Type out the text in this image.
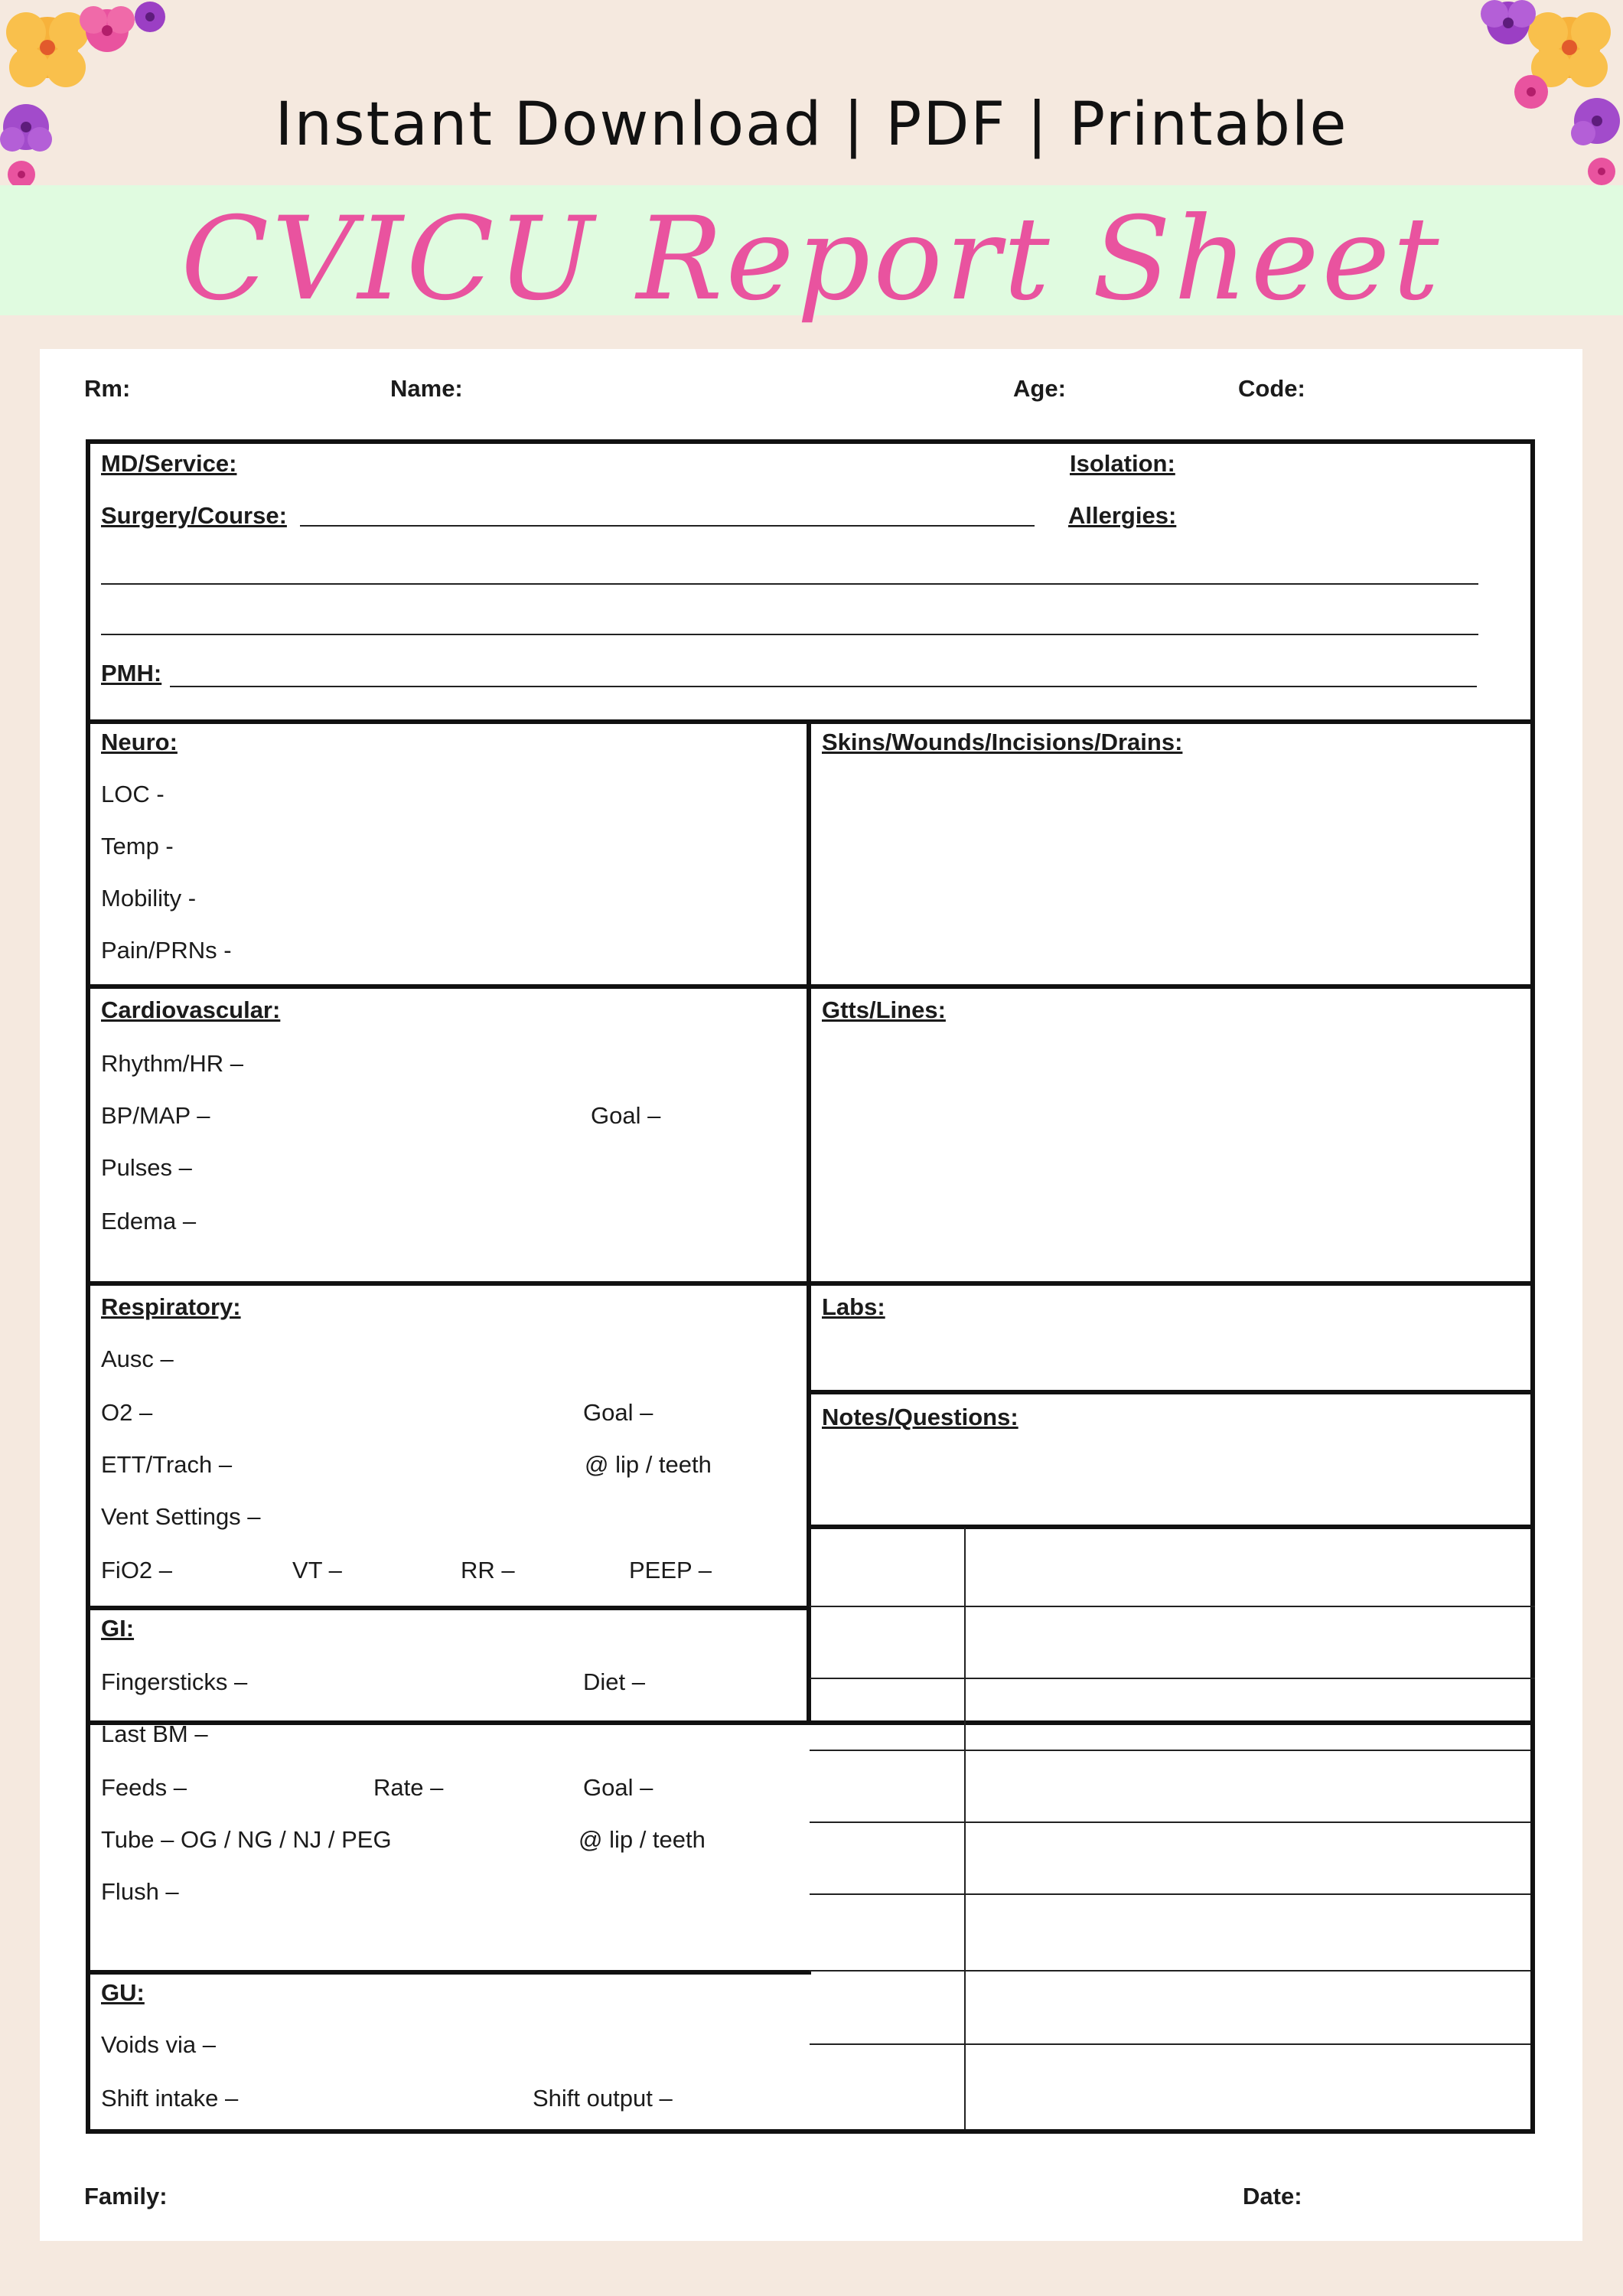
Instant Download | PDF | Printable
CVICU Report Sheet
Rm:	Name:	Age:	Code:
MD/Service:	Isolation:
Surgery/Course:	Allergies:
PMH:
Neuro:
LOC -
Temp -
Mobility -
Pain/PRNs -
Skins/Wounds/Incisions/Drains:
Cardiovascular:
Rhythm/HR –
BP/MAP –	Goal –
Pulses –
Edema –
Gtts/Lines:
Respiratory:
Ausc –
O2 –	Goal –
ETT/Trach –	@ lip / teeth
Vent Settings –
FiO2 –	VT –	RR –	PEEP –
Labs:
Notes/Questions:
GI:
Fingersticks –	Diet –
Last BM –
Feeds –	Rate –	Goal –
Tube – OG / NG / NJ / PEG	@ lip / teeth
Flush –
GU:
Voids via –
Shift intake –	Shift output –
Family:	Date:
